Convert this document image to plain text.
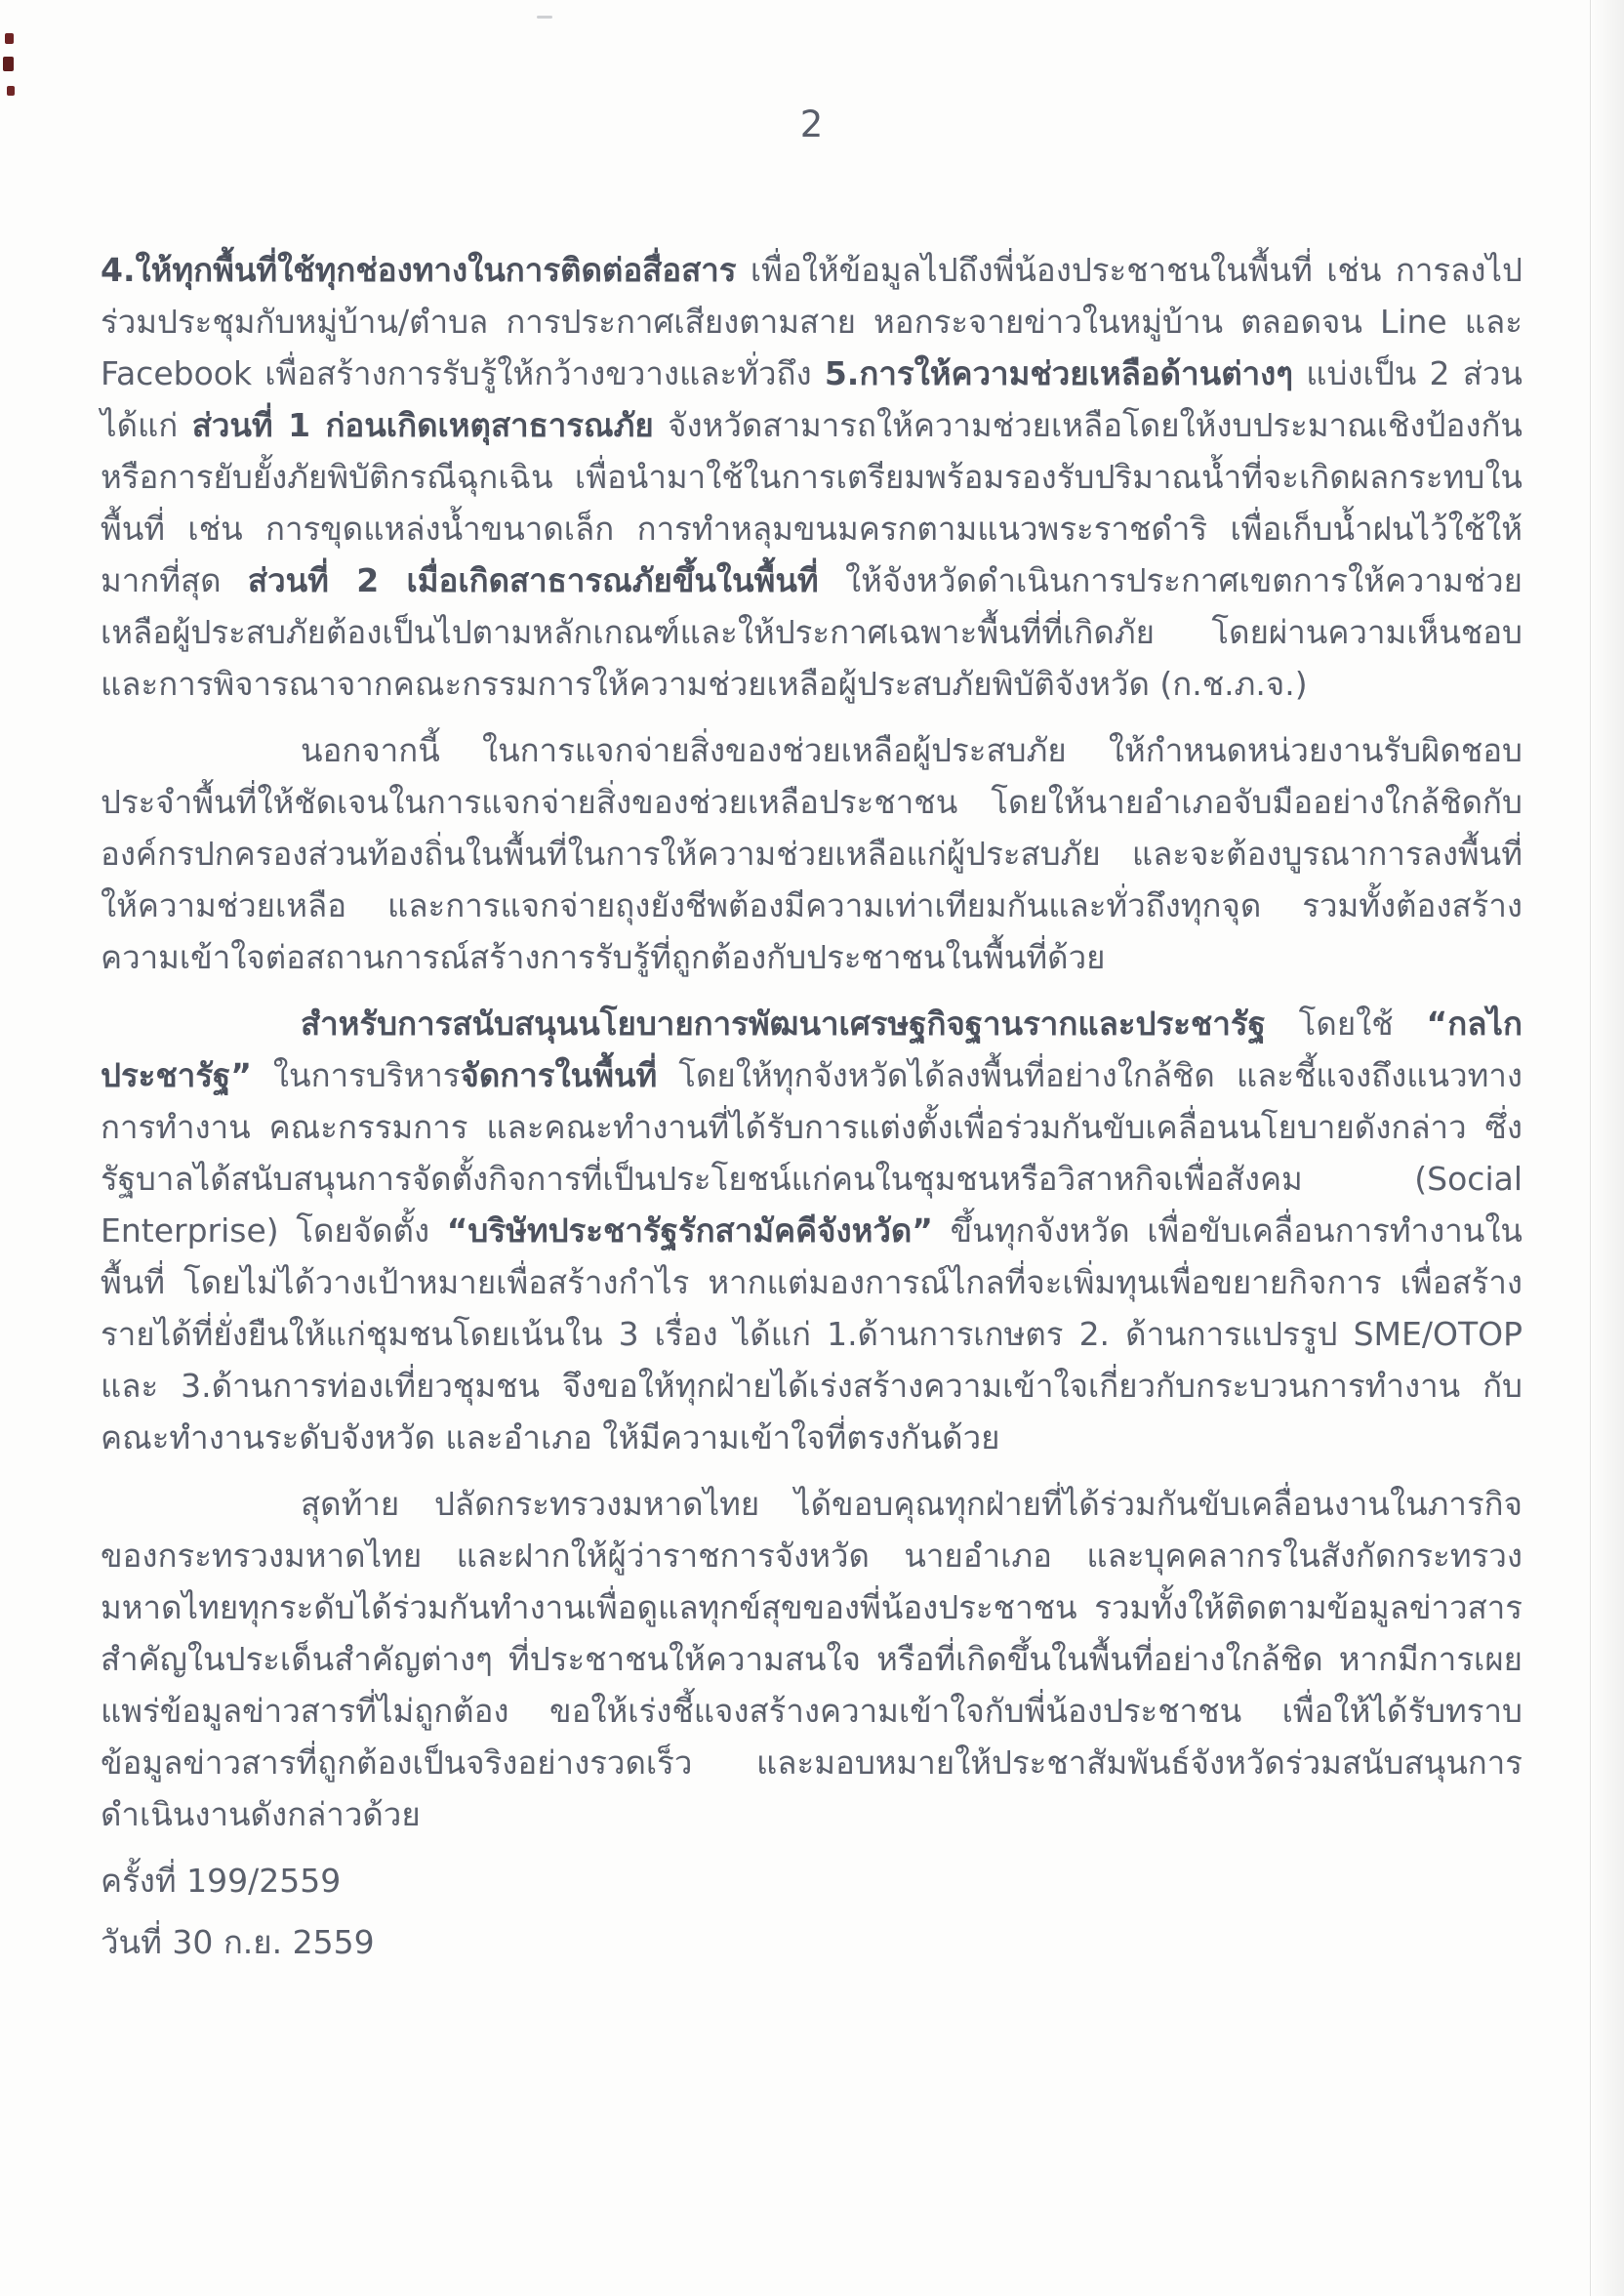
2

4.ให้ทุกพื้นที่ใช้ทุกช่องทางในการติดต่อสื่อสาร เพื่อให้ข้อมูลไปถึงพี่น้องประชาชนในพื้นที่ เช่น การลงไปร่วมประชุมกับหมู่บ้าน/ตำบล การประกาศเสียงตามสาย หอกระจายข่าวในหมู่บ้าน ตลอดจน Line และ Facebook เพื่อสร้างการรับรู้ให้กว้างขวางและทั่วถึง 5.การให้ความช่วยเหลือด้านต่างๆ แบ่งเป็น 2 ส่วน ได้แก่ ส่วนที่ 1 ก่อนเกิดเหตุสาธารณภัย จังหวัดสามารถให้ความช่วยเหลือโดยให้งบประมาณเชิงป้องกันหรือการยับยั้งภัยพิบัติกรณีฉุกเฉิน เพื่อนำมาใช้ในการเตรียมพร้อมรองรับปริมาณน้ำที่จะเกิดผลกระทบในพื้นที่ เช่น การขุดแหล่งน้ำขนาดเล็ก การทำหลุมขนมครกตามแนวพระราชดำริ เพื่อเก็บน้ำฝนไว้ใช้ให้มากที่สุด ส่วนที่ 2 เมื่อเกิดสาธารณภัยขึ้นในพื้นที่ ให้จังหวัดดำเนินการประกาศเขตการให้ความช่วยเหลือผู้ประสบภัยต้องเป็นไปตามหลักเกณฑ์และให้ประกาศเฉพาะพื้นที่ที่เกิดภัย โดยผ่านความเห็นชอบและการพิจารณาจากคณะกรรมการให้ความช่วยเหลือผู้ประสบภัยพิบัติจังหวัด (ก.ช.ภ.จ.)

นอกจากนี้ ในการแจกจ่ายสิ่งของช่วยเหลือผู้ประสบภัย ให้กำหนดหน่วยงานรับผิดชอบประจำพื้นที่ให้ชัดเจนในการแจกจ่ายสิ่งของช่วยเหลือประชาชน โดยให้นายอำเภอจับมืออย่างใกล้ชิดกับองค์กรปกครองส่วนท้องถิ่นในพื้นที่ในการให้ความช่วยเหลือแก่ผู้ประสบภัย และจะต้องบูรณาการลงพื้นที่ให้ความช่วยเหลือ และการแจกจ่ายถุงยังชีพต้องมีความเท่าเทียมกันและทั่วถึงทุกจุด รวมทั้งต้องสร้างความเข้าใจต่อสถานการณ์สร้างการรับรู้ที่ถูกต้องกับประชาชนในพื้นที่ด้วย

สำหรับการสนับสนุนนโยบายการพัฒนาเศรษฐกิจฐานรากและประชารัฐ โดยใช้ “กลไกประชารัฐ” ในการบริหารจัดการในพื้นที่ โดยให้ทุกจังหวัดได้ลงพื้นที่อย่างใกล้ชิด และชี้แจงถึงแนวทางการทำงาน คณะกรรมการ และคณะทำงานที่ได้รับการแต่งตั้งเพื่อร่วมกันขับเคลื่อนนโยบายดังกล่าว ซึ่งรัฐบาลได้สนับสนุนการจัดตั้งกิจการที่เป็นประโยชน์แก่คนในชุมชนหรือวิสาหกิจเพื่อสังคม (Social Enterprise) โดยจัดตั้ง “บริษัทประชารัฐรักสามัคคีจังหวัด” ขึ้นทุกจังหวัด เพื่อขับเคลื่อนการทำงานในพื้นที่ โดยไม่ได้วางเป้าหมายเพื่อสร้างกำไร หากแต่มองการณ์ไกลที่จะเพิ่มทุนเพื่อขยายกิจการ เพื่อสร้างรายได้ที่ยั่งยืนให้แก่ชุมชนโดยเน้นใน 3 เรื่อง ได้แก่ 1.ด้านการเกษตร 2. ด้านการแปรรูป SME/OTOP และ 3.ด้านการท่องเที่ยวชุมชน จึงขอให้ทุกฝ่ายได้เร่งสร้างความเข้าใจเกี่ยวกับกระบวนการทำงาน กับ คณะทำงานระดับจังหวัด และอำเภอ ให้มีความเข้าใจที่ตรงกันด้วย

สุดท้าย ปลัดกระทรวงมหาดไทย ได้ขอบคุณทุกฝ่ายที่ได้ร่วมกันขับเคลื่อนงานในภารกิจของกระทรวงมหาดไทย และฝากให้ผู้ว่าราชการจังหวัด นายอำเภอ และบุคคลากรในสังกัดกระทรวงมหาดไทยทุกระดับได้ร่วมกันทำงานเพื่อดูแลทุกข์สุขของพี่น้องประชาชน รวมทั้งให้ติดตามข้อมูลข่าวสารสำคัญในประเด็นสำคัญต่างๆ ที่ประชาชนให้ความสนใจ หรือที่เกิดขึ้นในพื้นที่อย่างใกล้ชิด หากมีการเผยแพร่ข้อมูลข่าวสารที่ไม่ถูกต้อง ขอให้เร่งชี้แจงสร้างความเข้าใจกับพี่น้องประชาชน เพื่อให้ได้รับทราบข้อมูลข่าวสารที่ถูกต้องเป็นจริงอย่างรวดเร็ว และมอบหมายให้ประชาสัมพันธ์จังหวัดร่วมสนับสนุนการดำเนินงานดังกล่าวด้วย

ครั้งที่ 199/2559

วันที่ 30 ก.ย. 2559
